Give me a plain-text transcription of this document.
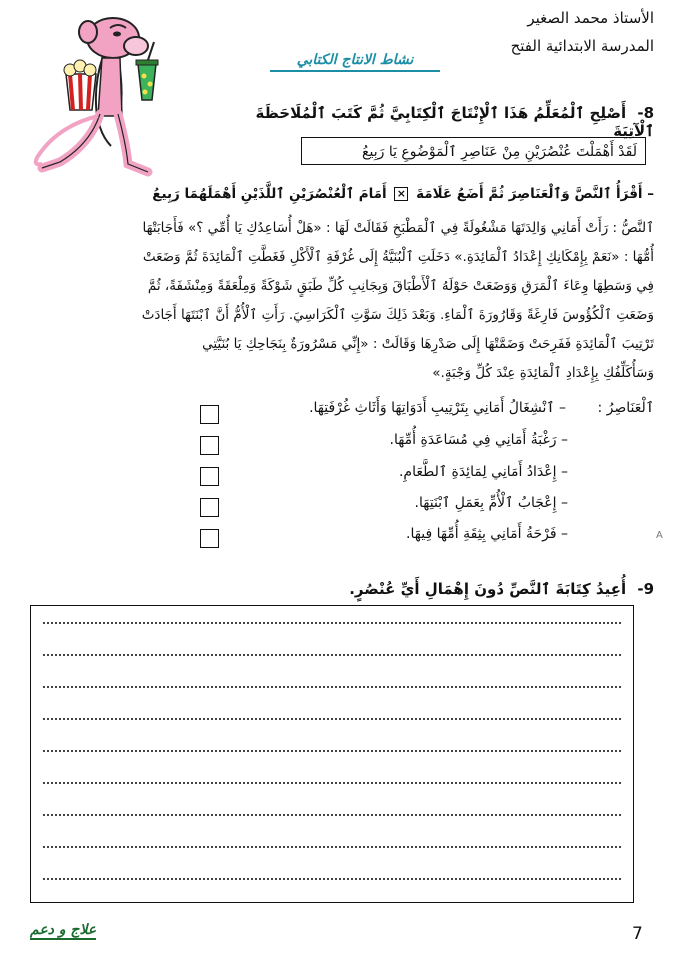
الأستاذ محمد الصغير
المدرسة الابتدائية الفتح
نشاط الانتاج الكتابي
8- أَصْلِحِ ٱلْمُعَلِّمُ هَذَا ٱلْإِنْتَاجَ ٱلْكِتَابِيَّ ثُمَّ كَتَبَ ٱلْمُلَاحَظَةَ ٱلْآتِيَةَ
لَقَدْ أَهْمَلْتَ عُنْصُرَيْنِ مِنْ عَنَاصِرِ ٱلْمَوْضُوعِ يَا رَبِيعُ
– أَقْرَأُ ٱلنَّصَّ وَٱلْعَنَاصِرَ ثُمَّ أَضَعُ عَلَامَةَ × أَمَامَ ٱلْعُنْصُرَيْنِ ٱللَّذَيْنِ أَهْمَلَهُمَا رَبِيعُ
ٱلنَّصُّ : رَأَتْ أَمَانِي وَالِدَتَهَا مَشْغُولَةً فِي ٱلْمَطْبَخِ فَقَالَتْ لَهَا : «هَلْ أُسَاعِدُكِ يَا أُمِّي ؟» فَأَجَابَتْهَا
أُمُّهَا : «نَعَمْ بِإِمْكَانِكِ إِعْدَادُ ٱلْمَائِدَةِ.» دَخَلَتِ ٱلْبُنَيَّةُ إِلَى غُرْفَةِ ٱلْأَكْلِ فَغَطَّتِ ٱلْمَائِدَةَ ثُمَّ وَضَعَتْ
فِي وَسَطِهَا وِعَاءَ ٱلْمَرَقِ وَوَضَعَتْ حَوْلَهُ ٱلْأَطْبَاقَ وَبِجَانِبِ كُلِّ طَبَقٍ شَوْكَةً وَمِلْعَقَةً وَمِنْشَفَةً، ثُمَّ
وَضَعَتِ ٱلْكُؤُوسَ فَارِغَةً وَقَارُورَةَ ٱلْمَاءِ. وَبَعْدَ ذَلِكَ سَوَّتِ ٱلْكَرَاسِيَ. رَأَتِ ٱلْأُمُّ أَنَّ ٱبْنَتَهَا أَجَادَتْ
تَرْتِيبَ ٱلْمَائِدَةِ فَفَرِحَتْ وَضَمَّتْهَا إِلَى صَدْرِهَا وَقَالَتْ : «إِنِّي مَسْرُورَةٌ بِنَجَاحِكِ يَا بُنَيَّتِي
وَسَأُكَلِّفُكِ بِإِعْدَادِ ٱلْمَائِدَةِ عِنْدَ كُلِّ وَجْبَةٍ.»
ٱلْعَنَاصِرُ :
– ٱنْشِغَالُ أَمَانِي بِتَرْتِيبِ أَدَوَاتِهَا وَأَثَاثِ غُرْفَتِهَا.
– رَغْبَةُ أَمَانِي فِي مُسَاعَدَةِ أُمِّهَا.
– إِعْدَادُ أَمَانِي لِمَائِدَةِ ٱلطَّعَامِ.
– إِعْجَابُ ٱلْأُمِّ بِعَمَلِ ٱبْنَتِهَا.
– فَرْحَةُ أَمَانِي بِثِقَةِ أُمِّهَا فِيهَا.	A
9- أُعِيدُ كِتَابَةَ ٱلنَّصِّ دُونَ إِهْمَالِ أَيِّ عُنْصُرٍ.
علاج و دعم	7
